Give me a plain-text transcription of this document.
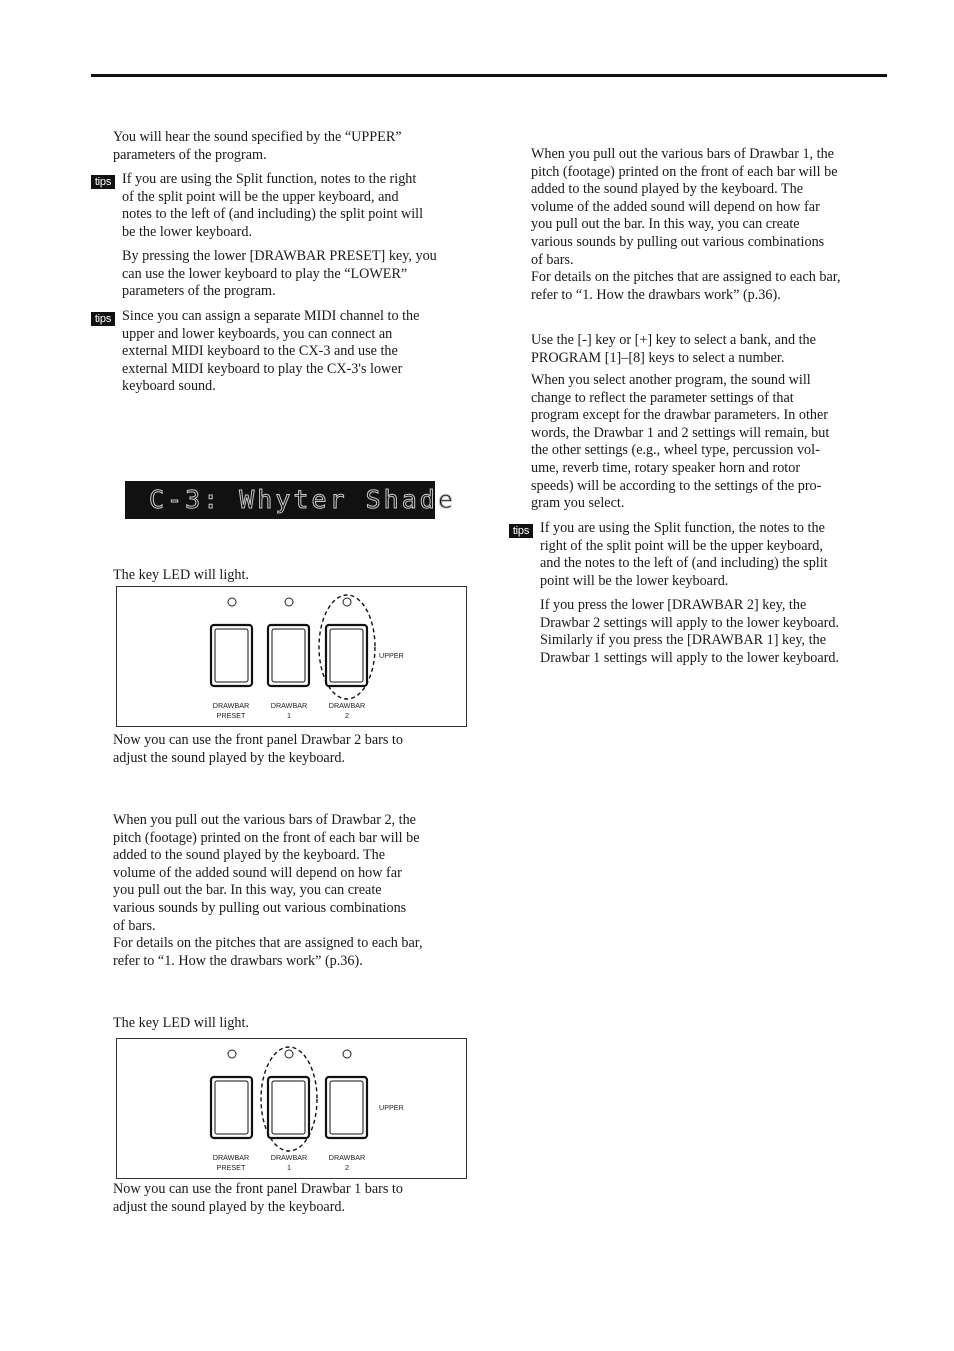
You will hear the sound specified by the “UPPER”

parameters of the program.

tips If you are using the Split function, notes to the right

of the split point will be the upper keyboard, and

notes to the left of (and including) the split point will

be the lower keyboard.

By pressing the lower [DRAWBAR PRESET] key, you

can use the lower keyboard to play the “LOWER”

parameters of the program.

tips Since you can assign a separate MIDI channel to the

upper and lower keyboards, you can connect an

external MIDI keyboard to the CX-3 and use the

external MIDI keyboard to play the CX-3's lower

keyboard sound.

C-3: Whyter Shade
The key LED will light.
UPPER
DRAWBAR
PRESET
DRAWBAR
1
DRAWBAR
2

Now you can use the front panel Drawbar 2 bars to

adjust the sound played by the keyboard.

When you pull out the various bars of Drawbar 2, the

pitch (footage) printed on the front of each bar will be

added to the sound played by the keyboard. The

volume of the added sound will depend on how far

you pull out the bar. In this way, you can create

various sounds by pulling out various combinations

of bars.

For details on the pitches that are assigned to each bar,

refer to “1. How the drawbars work” (p.36).

The key LED will light.
UPPER
DRAWBAR
PRESET
DRAWBAR
1
DRAWBAR
2

Now you can use the front panel Drawbar 1 bars to

adjust the sound played by the keyboard.

When you pull out the various bars of Drawbar 1, the

pitch (footage) printed on the front of each bar will be

added to the sound played by the keyboard. The

volume of the added sound will depend on how far

you pull out the bar. In this way, you can create

various sounds by pulling out various combinations

of bars.

For details on the pitches that are assigned to each bar,

refer to “1. How the drawbars work” (p.36).

Use the [-] key or [+] key to select a bank, and the

PROGRAM [1]–[8] keys to select a number.

When you select another program, the sound will

change to reflect the parameter settings of that

program except for the drawbar parameters. In other

words, the Drawbar 1 and 2 settings will remain, but

the other settings (e.g., wheel type, percussion vol-

ume, reverb time, rotary speaker horn and rotor

speeds) will be according to the settings of the pro-

gram you select.

tips If you are using the Split function, the notes to the

right of the split point will be the upper keyboard,

and the notes to the left of (and including) the split

point will be the lower keyboard.

If you press the lower [DRAWBAR 2] key, the

Drawbar 2 settings will apply to the lower keyboard.

Similarly if you press the [DRAWBAR 1] key, the

Drawbar 1 settings will apply to the lower keyboard.
